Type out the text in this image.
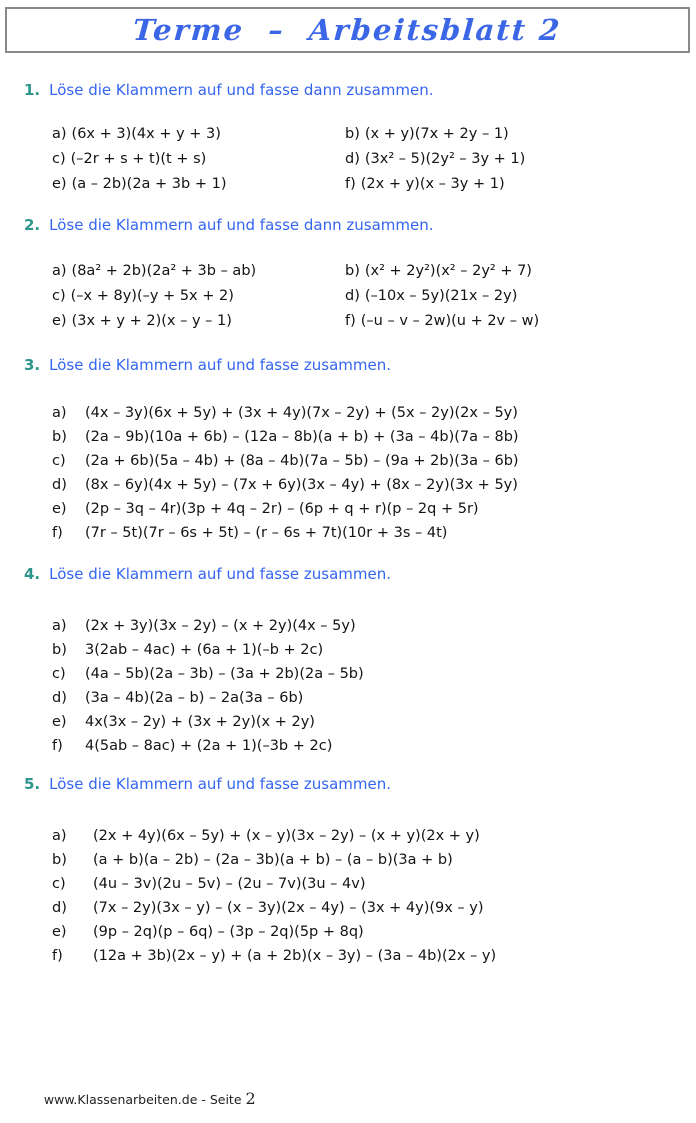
Terme  –  Arbeitsblatt 2
1. Löse die Klammern auf und fasse dann zusammen.
a) (6x + 3)(4x + y + 3)	b) (x + y)(7x + 2y – 1)
c) (–2r + s + t)(t + s)	d) (3x² – 5)(2y² – 3y + 1)
e) (a – 2b)(2a + 3b + 1)	f) (2x + y)(x – 3y + 1)
2. Löse die Klammern auf und fasse dann zusammen.
a) (8a² + 2b)(2a² + 3b – ab)	b) (x² + 2y²)(x² – 2y² + 7)
c) (–x + 8y)(–y + 5x + 2)	d) (–10x – 5y)(21x – 2y)
e) (3x + y + 2)(x – y – 1)	f) (–u – v – 2w)(u + 2v – w)
3. Löse die Klammern auf und fasse zusammen.
a)	(4x – 3y)(6x + 5y) + (3x + 4y)(7x – 2y) + (5x – 2y)(2x – 5y)
b)	(2a – 9b)(10a + 6b) – (12a – 8b)(a + b) + (3a – 4b)(7a – 8b)
c)	(2a + 6b)(5a – 4b) + (8a – 4b)(7a – 5b) – (9a + 2b)(3a – 6b)
d)	(8x – 6y)(4x + 5y) – (7x + 6y)(3x – 4y) + (8x – 2y)(3x + 5y)
e)	(2p – 3q – 4r)(3p + 4q – 2r) – (6p + q + r)(p – 2q + 5r)
f)	(7r – 5t)(7r – 6s + 5t) – (r – 6s + 7t)(10r + 3s – 4t)
4. Löse die Klammern auf und fasse zusammen.
a)	(2x + 3y)(3x – 2y) – (x + 2y)(4x – 5y)
b)	3(2ab – 4ac) + (6a + 1)(–b + 2c)
c)	(4a – 5b)(2a – 3b) – (3a + 2b)(2a – 5b)
d)	(3a – 4b)(2a – b) – 2a(3a – 6b)
e)	4x(3x – 2y) + (3x + 2y)(x + 2y)
f)	4(5ab – 8ac) + (2a + 1)(–3b + 2c)
5. Löse die Klammern auf und fasse zusammen.
a)	(2x + 4y)(6x – 5y) + (x – y)(3x – 2y) – (x + y)(2x + y)
b)	(a + b)(a – 2b) – (2a – 3b)(a + b) – (a – b)(3a + b)
c)	(4u – 3v)(2u – 5v) – (2u – 7v)(3u – 4v)
d)	(7x – 2y)(3x – y) – (x – 3y)(2x – 4y) – (3x + 4y)(9x – y)
e)	(9p – 2q)(p – 6q) – (3p – 2q)(5p + 8q)
f)	(12a + 3b)(2x – y) + (a + 2b)(x – 3y) – (3a – 4b)(2x – y)

www.Klassenarbeiten.de - Seite 2
